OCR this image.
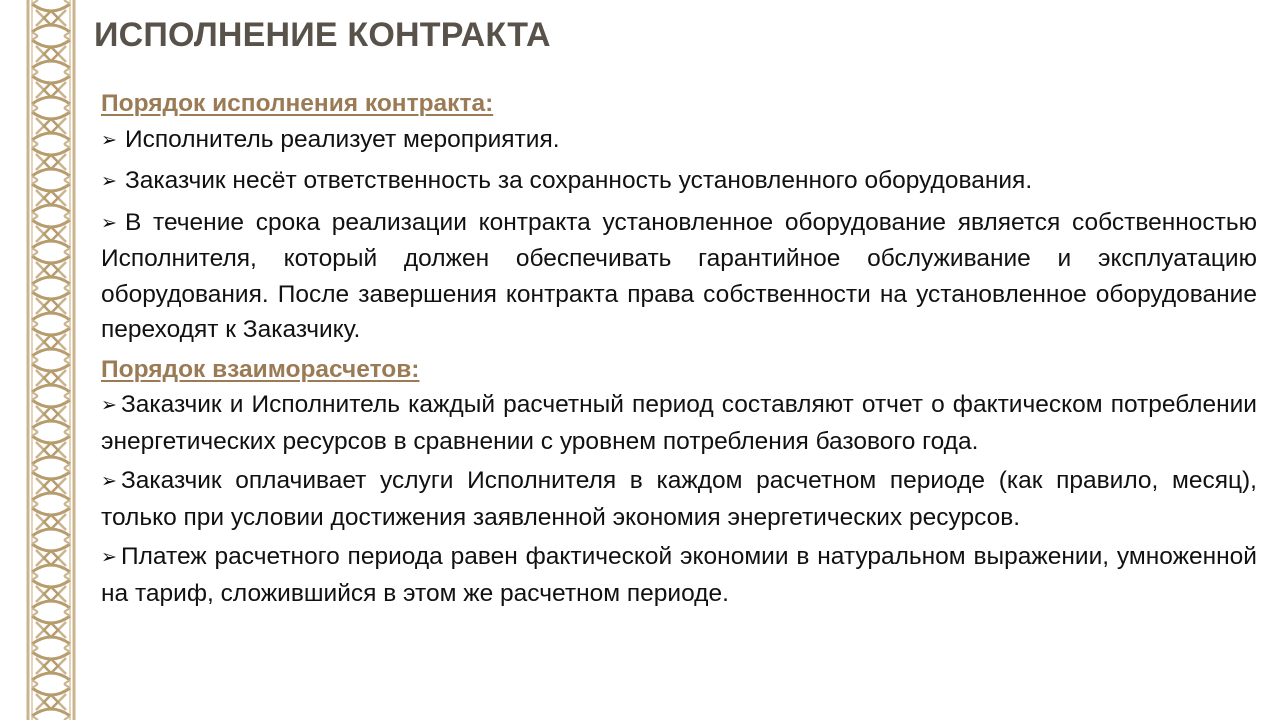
ИСПОЛНЕНИЕ КОНТРАКТА

Порядок исполнения контракта:

➢ Исполнитель реализует мероприятия.

➢ Заказчик несёт ответственность за сохранность установленного оборудования.

➢ В течение срока реализации контракта установленное оборудование является собственностью Исполнителя, который должен обеспечивать гарантийное обслуживание и эксплуатацию оборудования. После завершения контракта права собственности на установленное оборудование переходят к Заказчику.

Порядок взаиморасчетов:

➢ Заказчик и Исполнитель каждый расчетный период составляют отчет о фактическом потреблении энергетических ресурсов в сравнении с уровнем потребления базового года.

➢ Заказчик оплачивает услуги Исполнителя в каждом расчетном периоде (как правило, месяц), только при условии достижения заявленной экономия энергетических ресурсов.

➢ Платеж расчетного периода равен фактической экономии в натуральном выражении, умноженной на тариф, сложившийся в этом же расчетном периоде.
